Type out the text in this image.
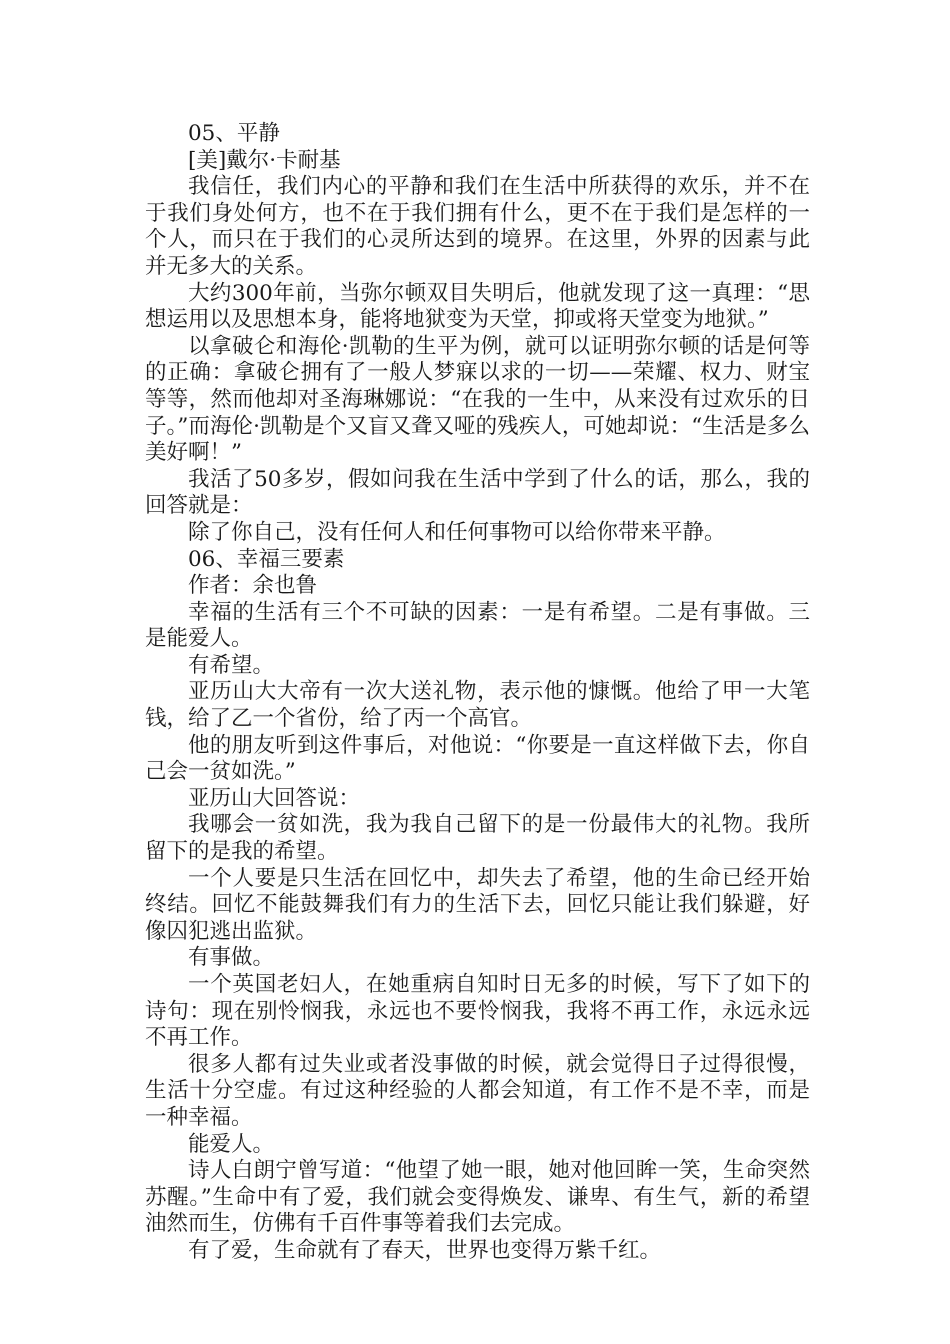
05、平静

[美]戴尔·卡耐基

我信任，我们内心的平静和我们在生活中所获得的欢乐，并不在于我们身处何方，也不在于我们拥有什么，更不在于我们是怎样的一个人，而只在于我们的心灵所达到的境界。在这里，外界的因素与此并无多大的关系。

大约300年前，当弥尔顿双目失明后，他就发现了这一真理：“思想运用以及思想本身，能将地狱变为天堂，抑或将天堂变为地狱。”

以拿破仑和海伦·凯勒的生平为例，就可以证明弥尔顿的话是何等的正确：拿破仑拥有了一般人梦寐以求的一切——荣耀、权力、财宝等等，然而他却对圣海琳娜说：“在我的一生中，从来没有过欢乐的日子。”而海伦·凯勒是个又盲又聋又哑的残疾人，可她却说：“生活是多么美好啊！”

我活了50多岁，假如问我在生活中学到了什么的话，那么，我的回答就是：

除了你自己，没有任何人和任何事物可以给你带来平静。

06、幸福三要素

作者：余也鲁

幸福的生活有三个不可缺的因素：一是有希望。二是有事做。三是能爱人。

有希望。

亚历山大大帝有一次大送礼物，表示他的慷慨。他给了甲一大笔钱，给了乙一个省份，给了丙一个高官。

他的朋友听到这件事后，对他说：“你要是一直这样做下去，你自己会一贫如洗。”

亚历山大回答说：

我哪会一贫如洗，我为我自己留下的是一份最伟大的礼物。我所留下的是我的希望。

一个人要是只生活在回忆中，却失去了希望，他的生命已经开始终结。回忆不能鼓舞我们有力的生活下去，回忆只能让我们躲避，好像囚犯逃出监狱。

有事做。

一个英国老妇人，在她重病自知时日无多的时候，写下了如下的诗句：现在别怜悯我，永远也不要怜悯我，我将不再工作，永远永远不再工作。

很多人都有过失业或者没事做的时候，就会觉得日子过得很慢，生活十分空虚。有过这种经验的人都会知道，有工作不是不幸，而是一种幸福。

能爱人。

诗人白朗宁曾写道：“他望了她一眼，她对他回眸一笑，生命突然苏醒。”生命中有了爱，我们就会变得焕发、谦卑、有生气，新的希望油然而生，仿佛有千百件事等着我们去完成。

有了爱，生命就有了春天，世界也变得万紫千红。
